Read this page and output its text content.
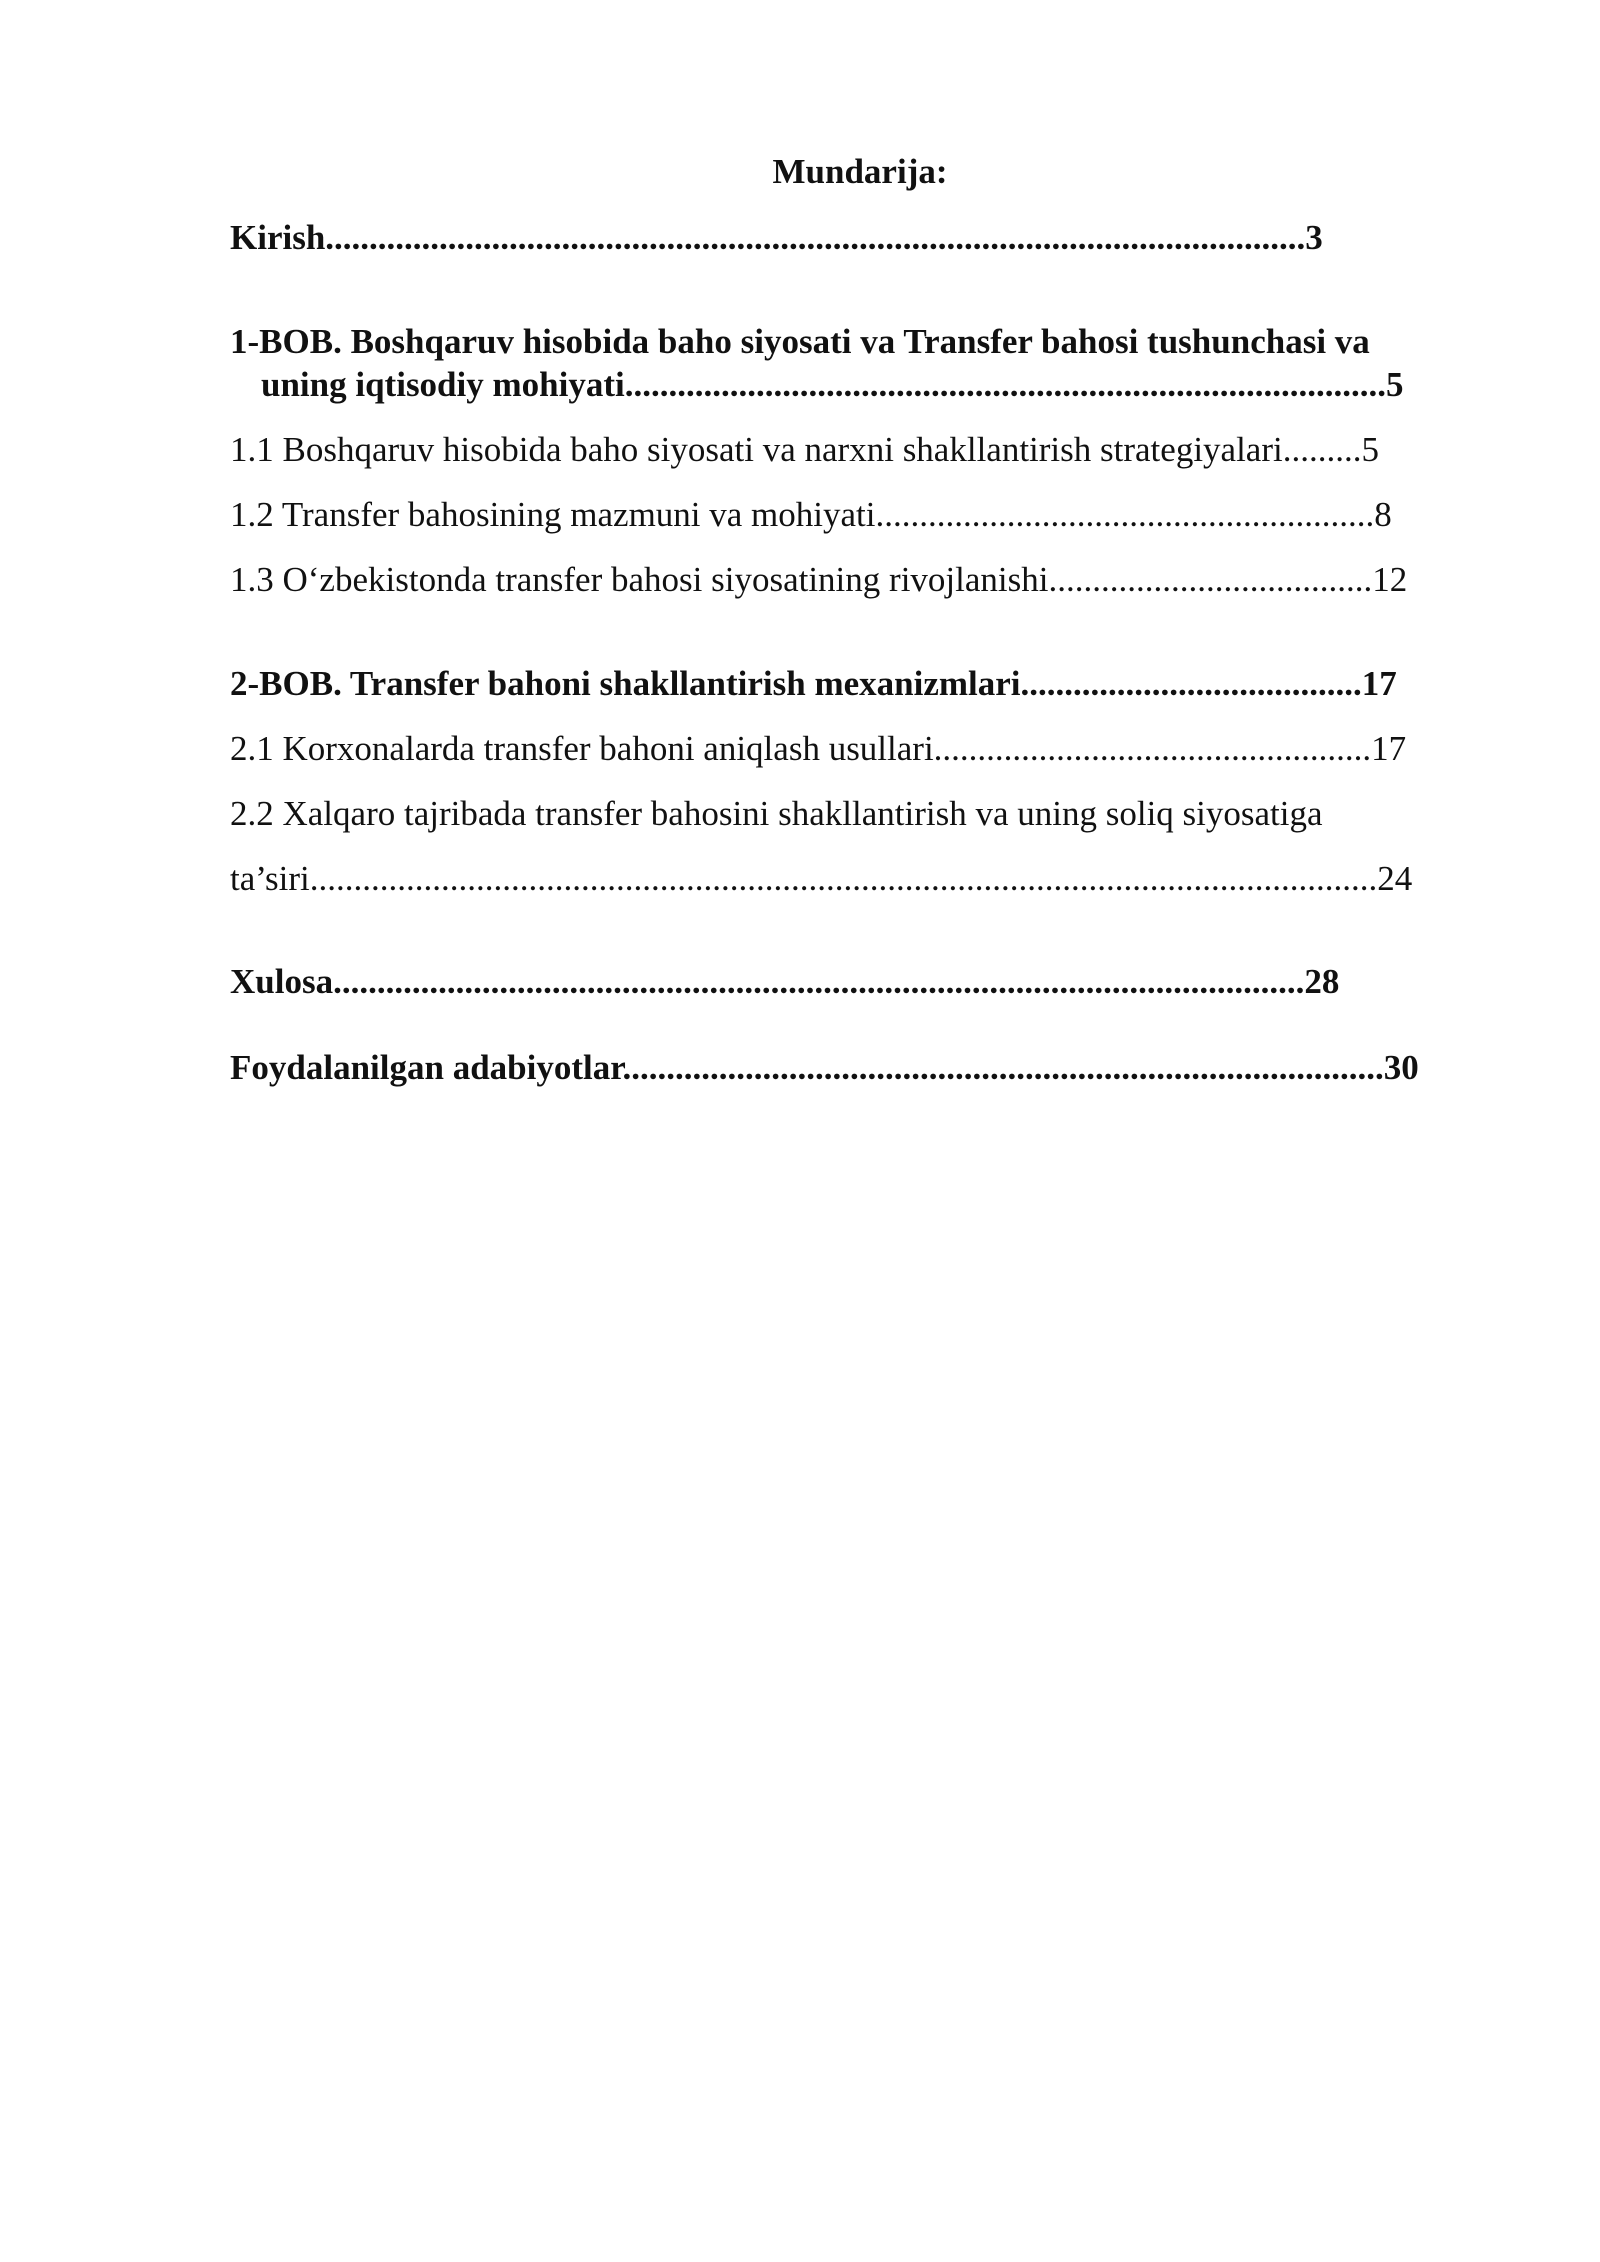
Mundarija:
Kirish................................................................................................................3
1-BOB. Boshqaruv hisobida baho siyosati va Transfer bahosi tushunchasi va
uning iqtisodiy mohiyati.......................................................................................5
1.1 Boshqaruv hisobida baho siyosati va narxni shakllantirish strategiyalari.........5
1.2 Transfer bahosining mazmuni va mohiyati.........................................................8
1.3 O‘zbekistonda transfer bahosi siyosatining rivojlanishi.....................................12
2-BOB. Transfer bahoni shakllantirish mexanizmlari.......................................17
2.1 Korxonalarda transfer bahoni aniqlash usullari..................................................17
2.2 Xalqaro tajribada transfer bahosini shakllantirish va uning soliq siyosatiga
ta’siri..........................................................................................................................24
Xulosa...............................................................................................................28
Foydalanilgan adabiyotlar.......................................................................................30
